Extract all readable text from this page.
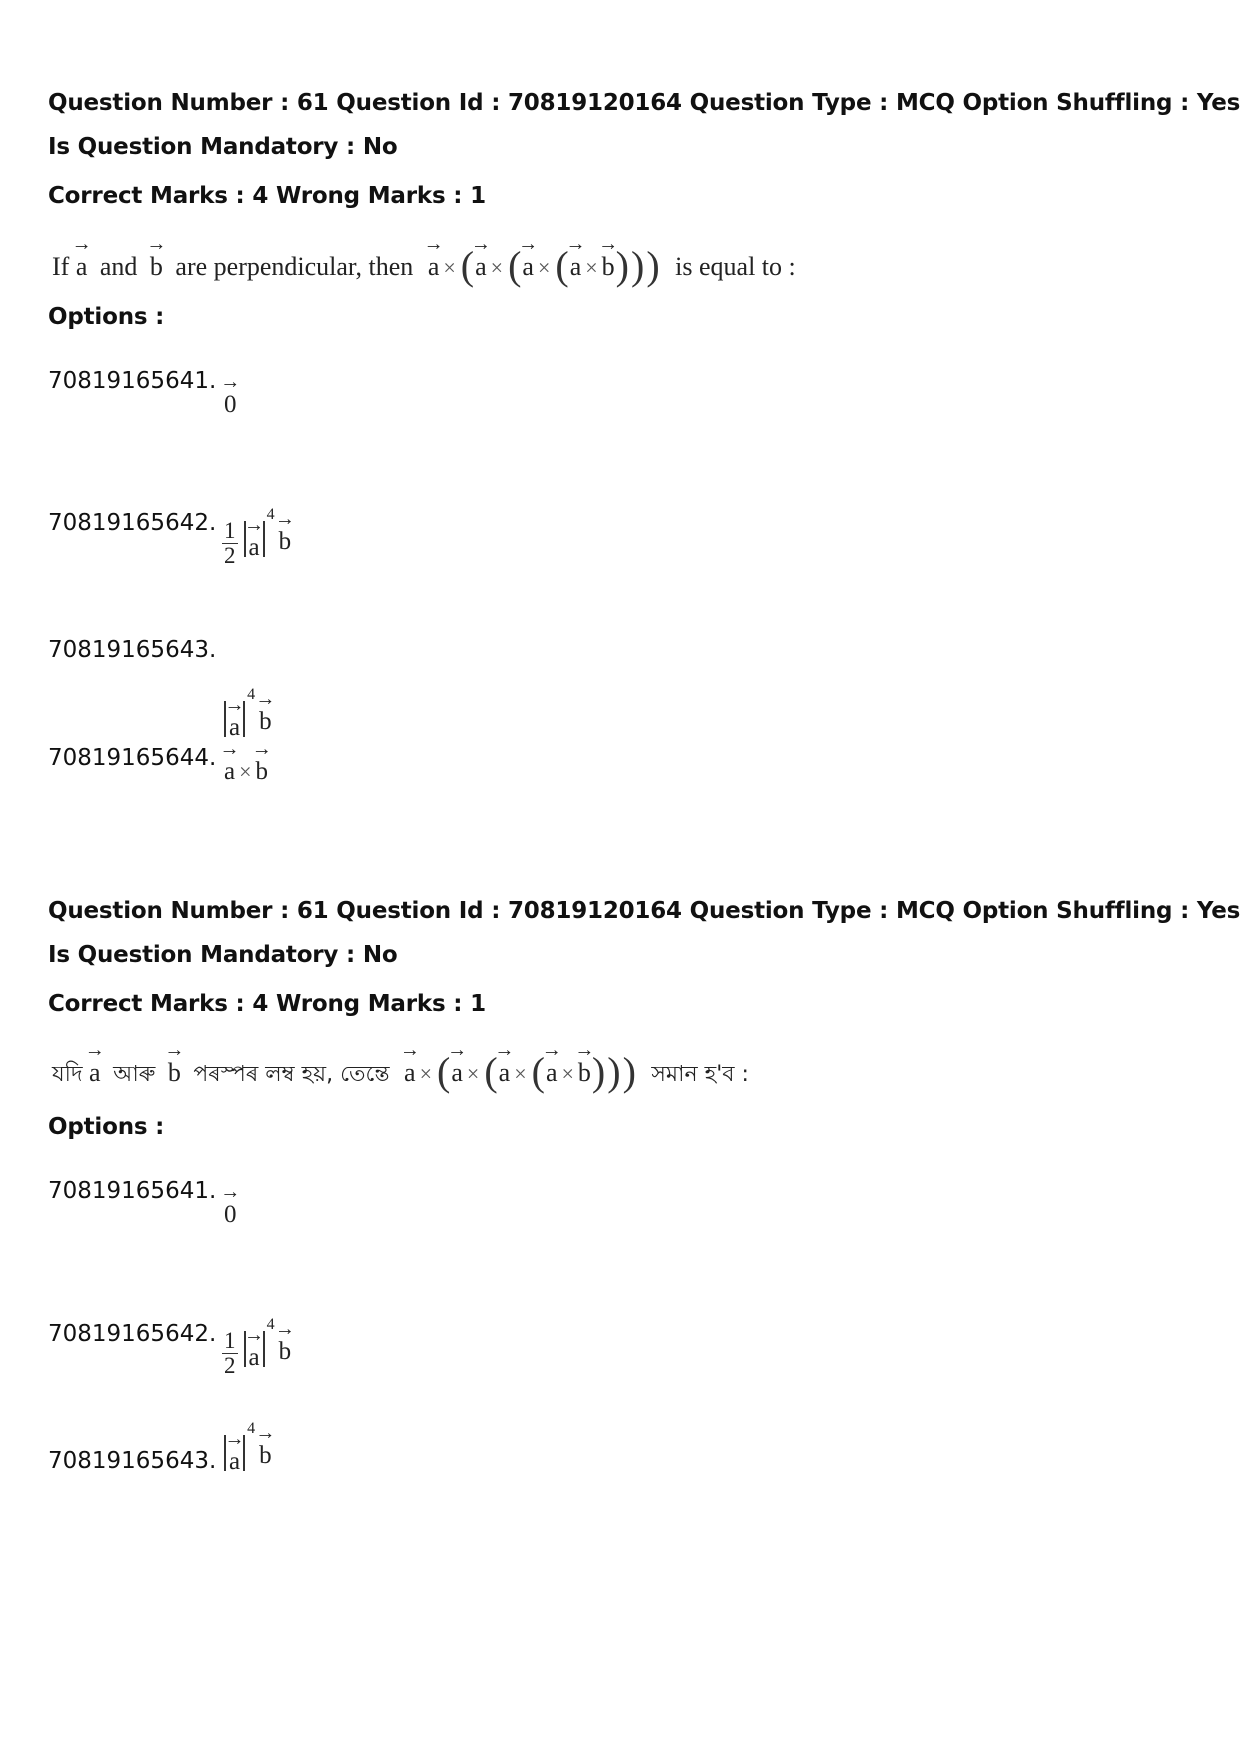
Question Number : 61 Question Id : 70819120164 Question Type : MCQ Option Shuffling : Yes
Is Question Mandatory : No
Correct Marks : 4 Wrong Marks : 1
If
→
a and
→
b are perpendicular, then
→
a × (
→
a × (
→
a × (
→
a ×
→
b))) is equal to :
Options :
70819165641. →
0
70819165642. $\frac{1}{2}$ →
$a^4$ →
b
70819165643.
→
$a^4$ →
b
70819165644. →
a ×
→
b
Question Number : 61 Question Id : 70819120164 Question Type : MCQ Option Shuffling : Yes
Is Question Mandatory : No
Correct Marks : 4 Wrong Marks : 1
যদি
→
a আৰু
→
b পৰস্পৰ লম্ব হয়, তেন্তে
→
a × (
→
a × (
→
a × (
→
a ×
→
b))) সমান হ'ব :
Options :
70819165641. →
0
70819165642. $\frac{1}{2}$ →
$a^4$ →
b
70819165643.
→
$a^4$ →
b
